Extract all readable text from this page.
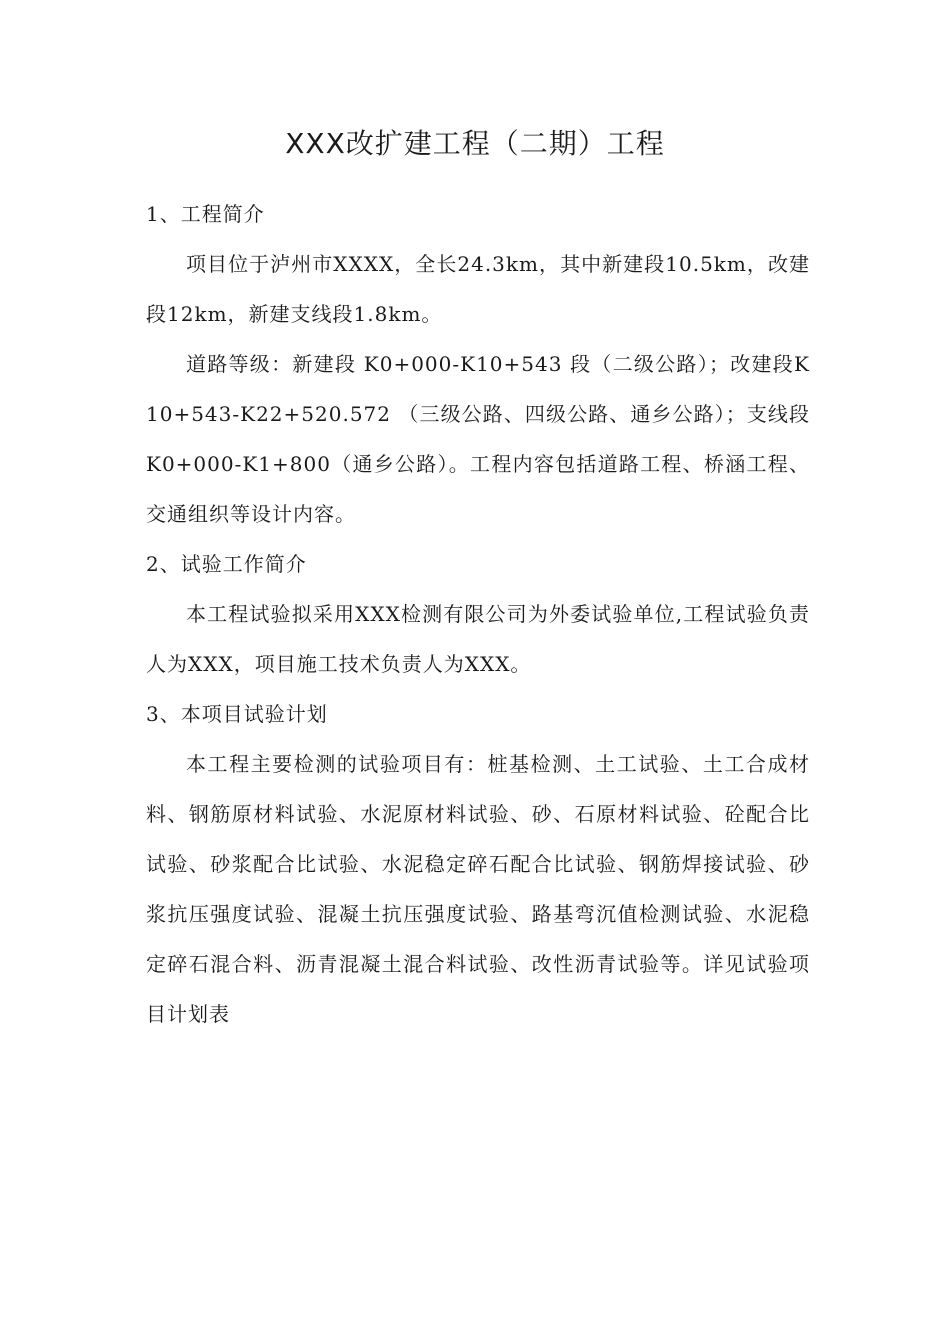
XXX改扩建工程（二期）工程
1、工程简介

项目位于泸州市XXXX，全长24.3km，其中新建段10.5km，改建段12km，新建支线段1.8km。

道路等级：新建段 K0+000-K10+543 段（二级公路）；改建段K10+543-K22+520.572 （三级公路、四级公路、通乡公路）；支线段K0+000-K1+800（通乡公路）。工程内容包括道路工程、桥涵工程、交通组织等设计内容。

2、试验工作简介

本工程试验拟采用XXX检测有限公司为外委试验单位,工程试验负责人为XXX，项目施工技术负责人为XXX。

3、本项目试验计划

本工程主要检测的试验项目有：桩基检测、土工试验、土工合成材料、钢筋原材料试验、水泥原材料试验、砂、石原材料试验、砼配合比试验、砂浆配合比试验、水泥稳定碎石配合比试验、钢筋焊接试验、砂浆抗压强度试验、混凝土抗压强度试验、路基弯沉值检测试验、水泥稳定碎石混合料、沥青混凝土混合料试验、改性沥青试验等。详见试验项目计划表
